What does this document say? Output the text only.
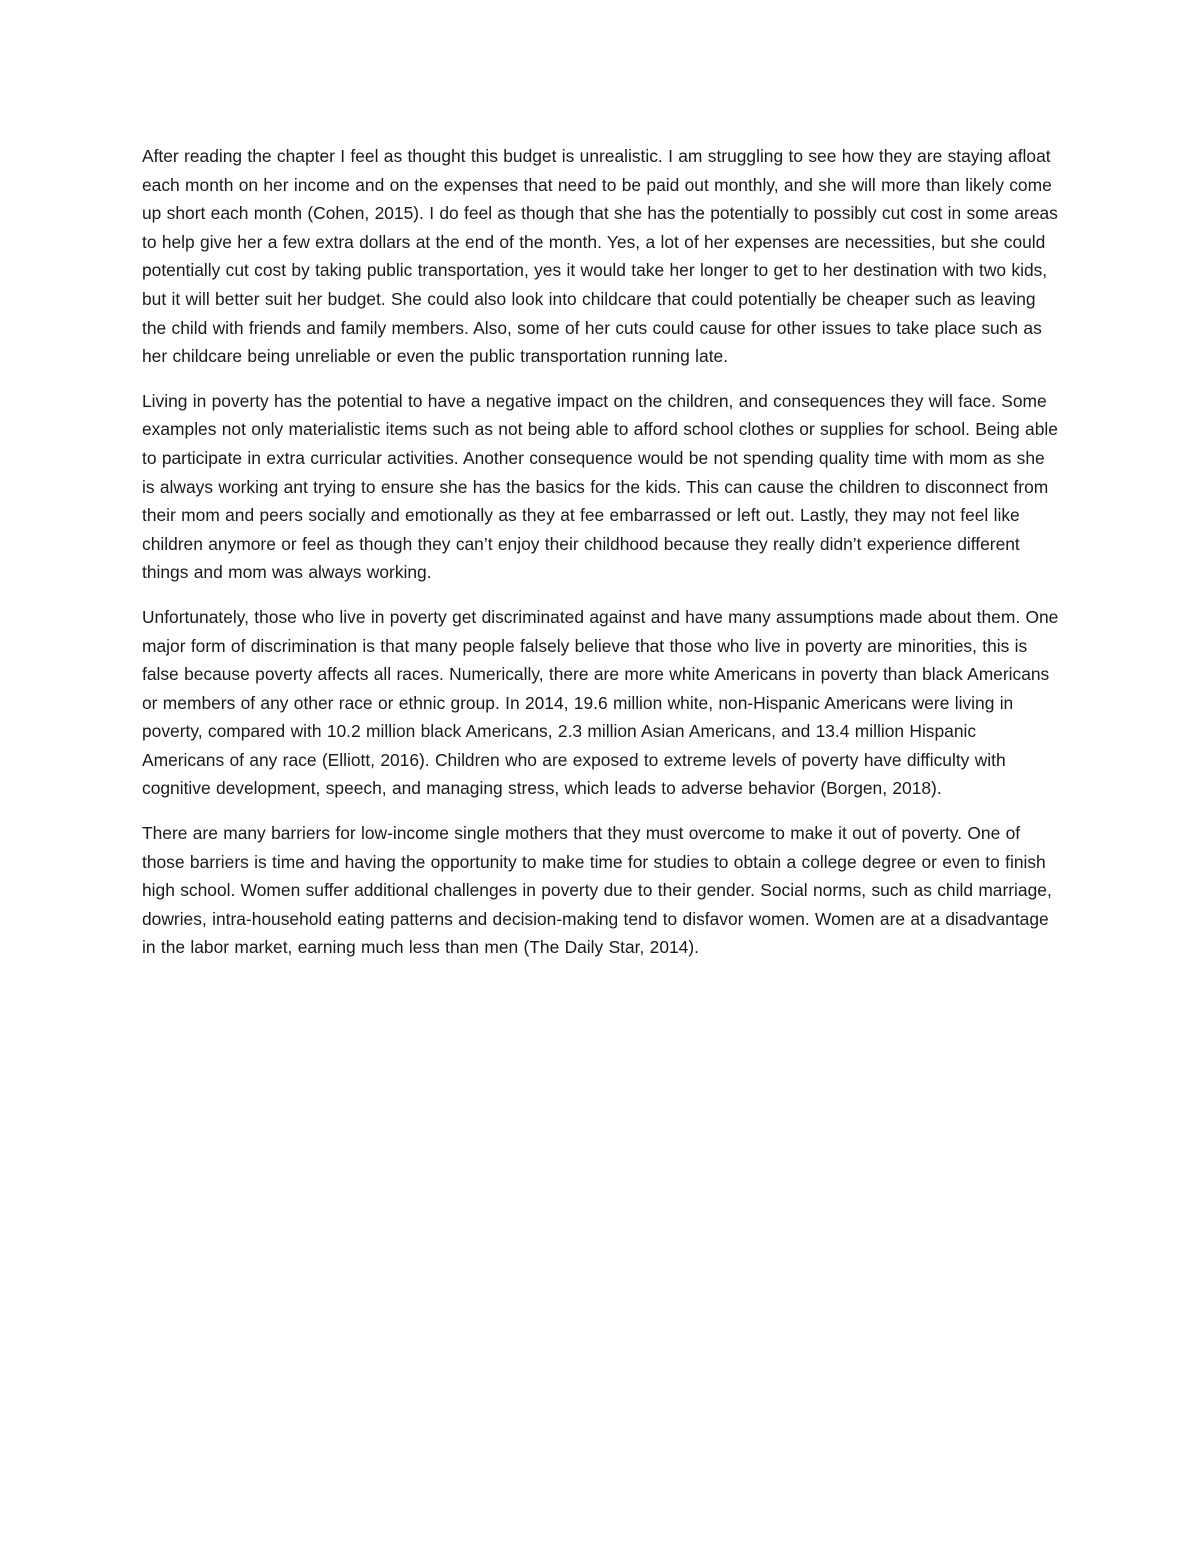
After reading the chapter I feel as thought this budget is unrealistic. I am struggling to see how they are staying afloat each month on her income and on the expenses that need to be paid out monthly, and she will more than likely come up short each month (Cohen, 2015). I do feel as though that she has the potentially to possibly cut cost in some areas to help give her a few extra dollars at the end of the month. Yes, a lot of her expenses are necessities, but she could potentially cut cost by taking public transportation, yes it would take her longer to get to her destination with two kids, but it will better suit her budget. She could also look into childcare that could potentially be cheaper such as leaving the child with friends and family members. Also, some of her cuts could cause for other issues to take place such as her childcare being unreliable or even the public transportation running late.

Living in poverty has the potential to have a negative impact on the children, and consequences they will face. Some examples not only materialistic items such as not being able to afford school clothes or supplies for school. Being able to participate in extra curricular activities. Another consequence would be not spending quality time with mom as she is always working ant trying to ensure she has the basics for the kids. This can cause the children to disconnect from their mom and peers socially and emotionally as they at fee embarrassed or left out. Lastly, they may not feel like children anymore or feel as though they can’t enjoy their childhood because they really didn’t experience different things and mom was always working.

Unfortunately, those who live in poverty get discriminated against and have many assumptions made about them. One major form of discrimination is that many people falsely believe that those who live in poverty are minorities, this is false because poverty affects all races. Numerically, there are more white Americans in poverty than black Americans or members of any other race or ethnic group. In 2014, 19.6 million white, non-Hispanic Americans were living in poverty, compared with 10.2 million black Americans, 2.3 million Asian Americans, and 13.4 million Hispanic Americans of any race (Elliott, 2016). Children who are exposed to extreme levels of poverty have difficulty with cognitive development, speech, and managing stress, which leads to adverse behavior (Borgen, 2018).

There are many barriers for low-income single mothers that they must overcome to make it out of poverty. One of those barriers is time and having the opportunity to make time for studies to obtain a college degree or even to finish high school. Women suffer additional challenges in poverty due to their gender. Social norms, such as child marriage, dowries, intra-household eating patterns and decision-making tend to disfavor women. Women are at a disadvantage in the labor market, earning much less than men (The Daily Star, 2014).
